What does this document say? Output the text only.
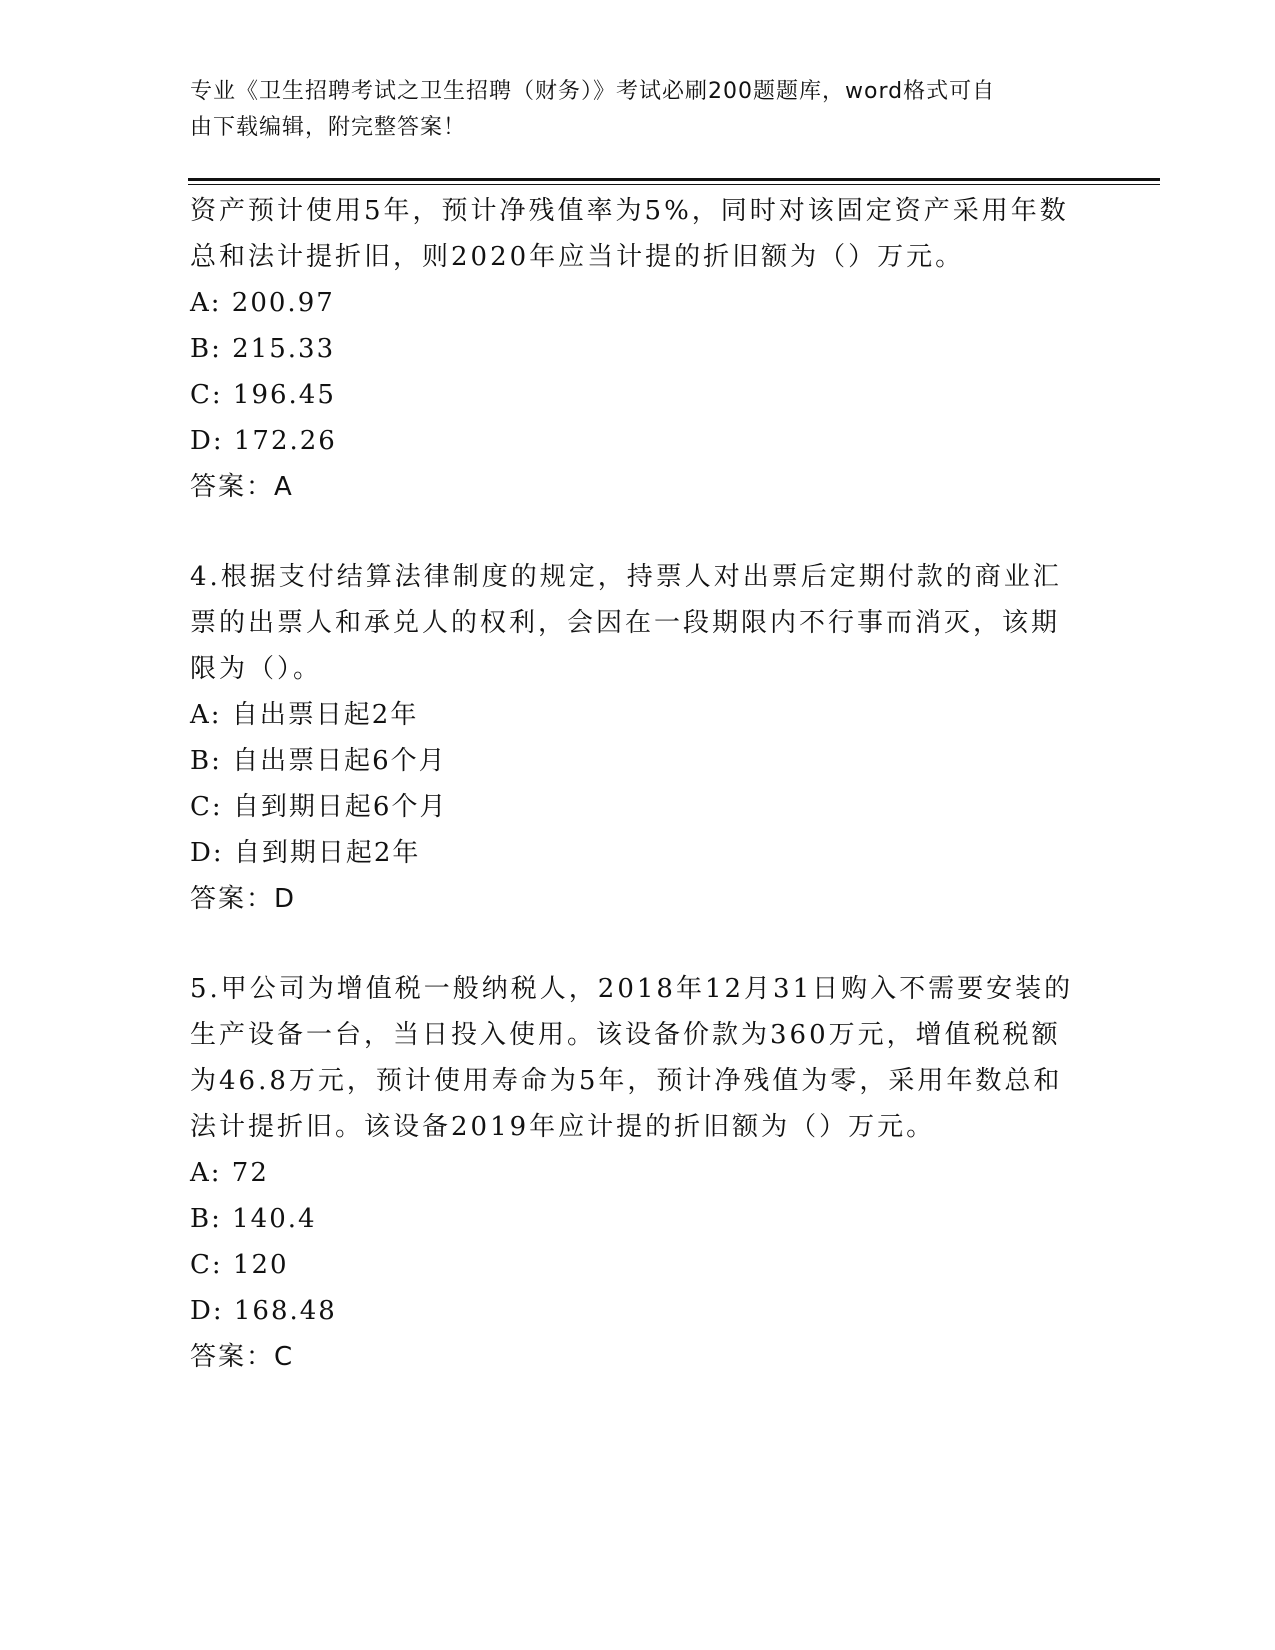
专业《卫生招聘考试之卫生招聘（财务）》考试必刷200题题库，word格式可自
由下载编辑，附完整答案！

资产预计使用5年，预计净残值率为5%，同时对该固定资产采用年数

总和法计提折旧，则2020年应当计提的折旧额为（）万元。

A: 200.97

B: 215.33

C: 196.45

D: 172.26

答案：A

4.根据支付结算法律制度的规定，持票人对出票后定期付款的商业汇

票的出票人和承兑人的权利，会因在一段期限内不行事而消灭，该期

限为（）。

A: 自出票日起2年

B: 自出票日起6个月

C: 自到期日起6个月

D: 自到期日起2年

答案：D

5.甲公司为增值税一般纳税人，2018年12月31日购入不需要安装的

生产设备一台，当日投入使用。该设备价款为360万元，增值税税额

为46.8万元，预计使用寿命为5年，预计净残值为零，采用年数总和

法计提折旧。该设备2019年应计提的折旧额为（）万元。

A: 72

B: 140.4

C: 120

D: 168.48

答案：C
